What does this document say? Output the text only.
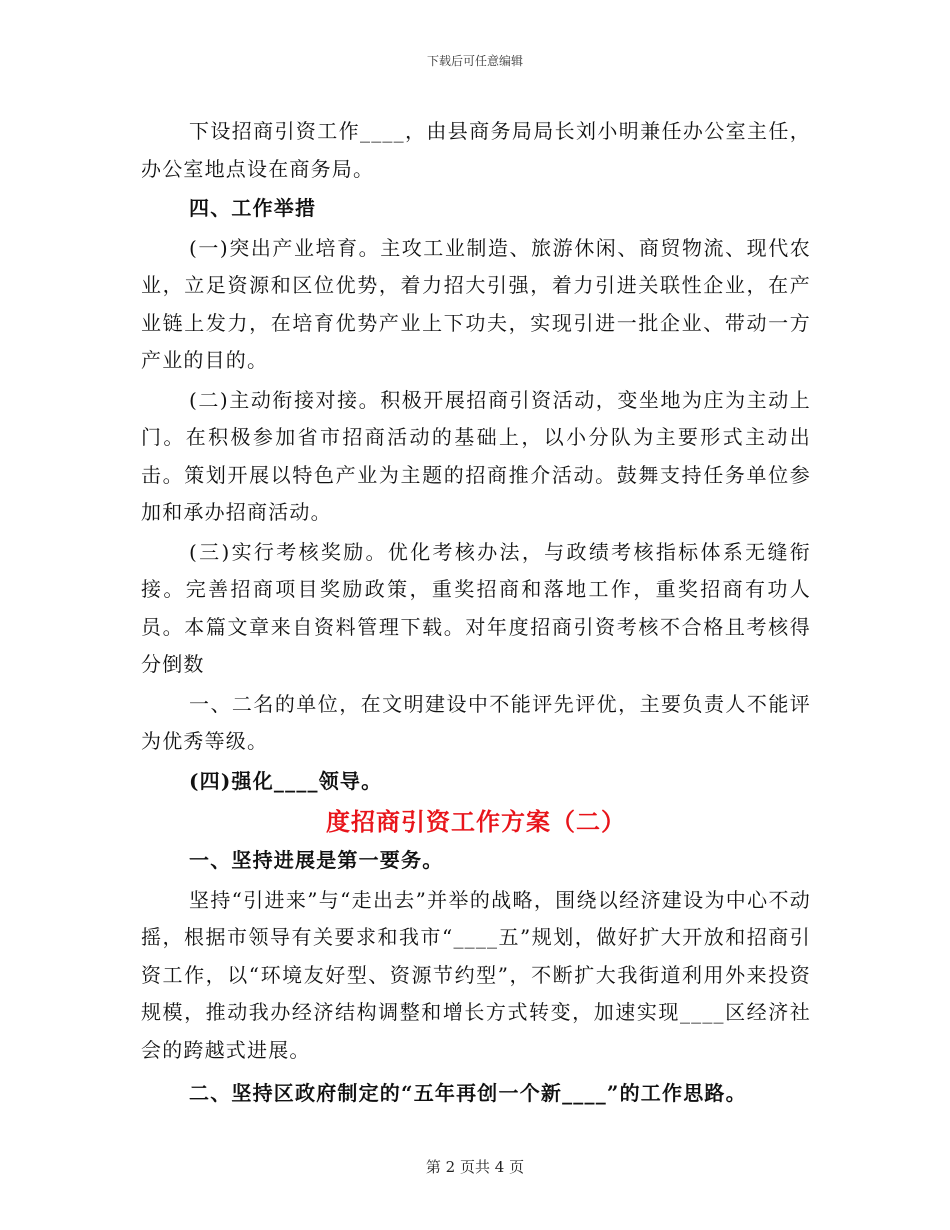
下载后可任意编辑

下设招商引资工作____，由县商务局局长刘小明兼任办公室主任，办公室地点设在商务局。

四、工作举措

(一)突出产业培育。主攻工业制造、旅游休闲、商贸物流、现代农业，立足资源和区位优势，着力招大引强，着力引进关联性企业，在产业链上发力，在培育优势产业上下功夫，实现引进一批企业、带动一方产业的目的。

(二)主动衔接对接。积极开展招商引资活动，变坐地为庄为主动上门。在积极参加省市招商活动的基础上，以小分队为主要形式主动出击。策划开展以特色产业为主题的招商推介活动。鼓舞支持任务单位参加和承办招商活动。

(三)实行考核奖励。优化考核办法，与政绩考核指标体系无缝衔接。完善招商项目奖励政策，重奖招商和落地工作，重奖招商有功人员。本篇文章来自资料管理下载。对年度招商引资考核不合格且考核得分倒数

一、二名的单位，在文明建设中不能评先评优，主要负责人不能评为优秀等级。

(四)强化____领导。

度招商引资工作方案（二）

一、坚持进展是第一要务。

坚持“引进来”与“走出去”并举的战略，围绕以经济建设为中心不动摇，根据市领导有关要求和我市“____五”规划，做好扩大开放和招商引资工作，以“环境友好型、资源节约型”，不断扩大我街道利用外来投资规模，推动我办经济结构调整和增长方式转变，加速实现____区经济社会的跨越式进展。

二、坚持区政府制定的“五年再创一个新____”的工作思路。

第 2 页共 4 页
